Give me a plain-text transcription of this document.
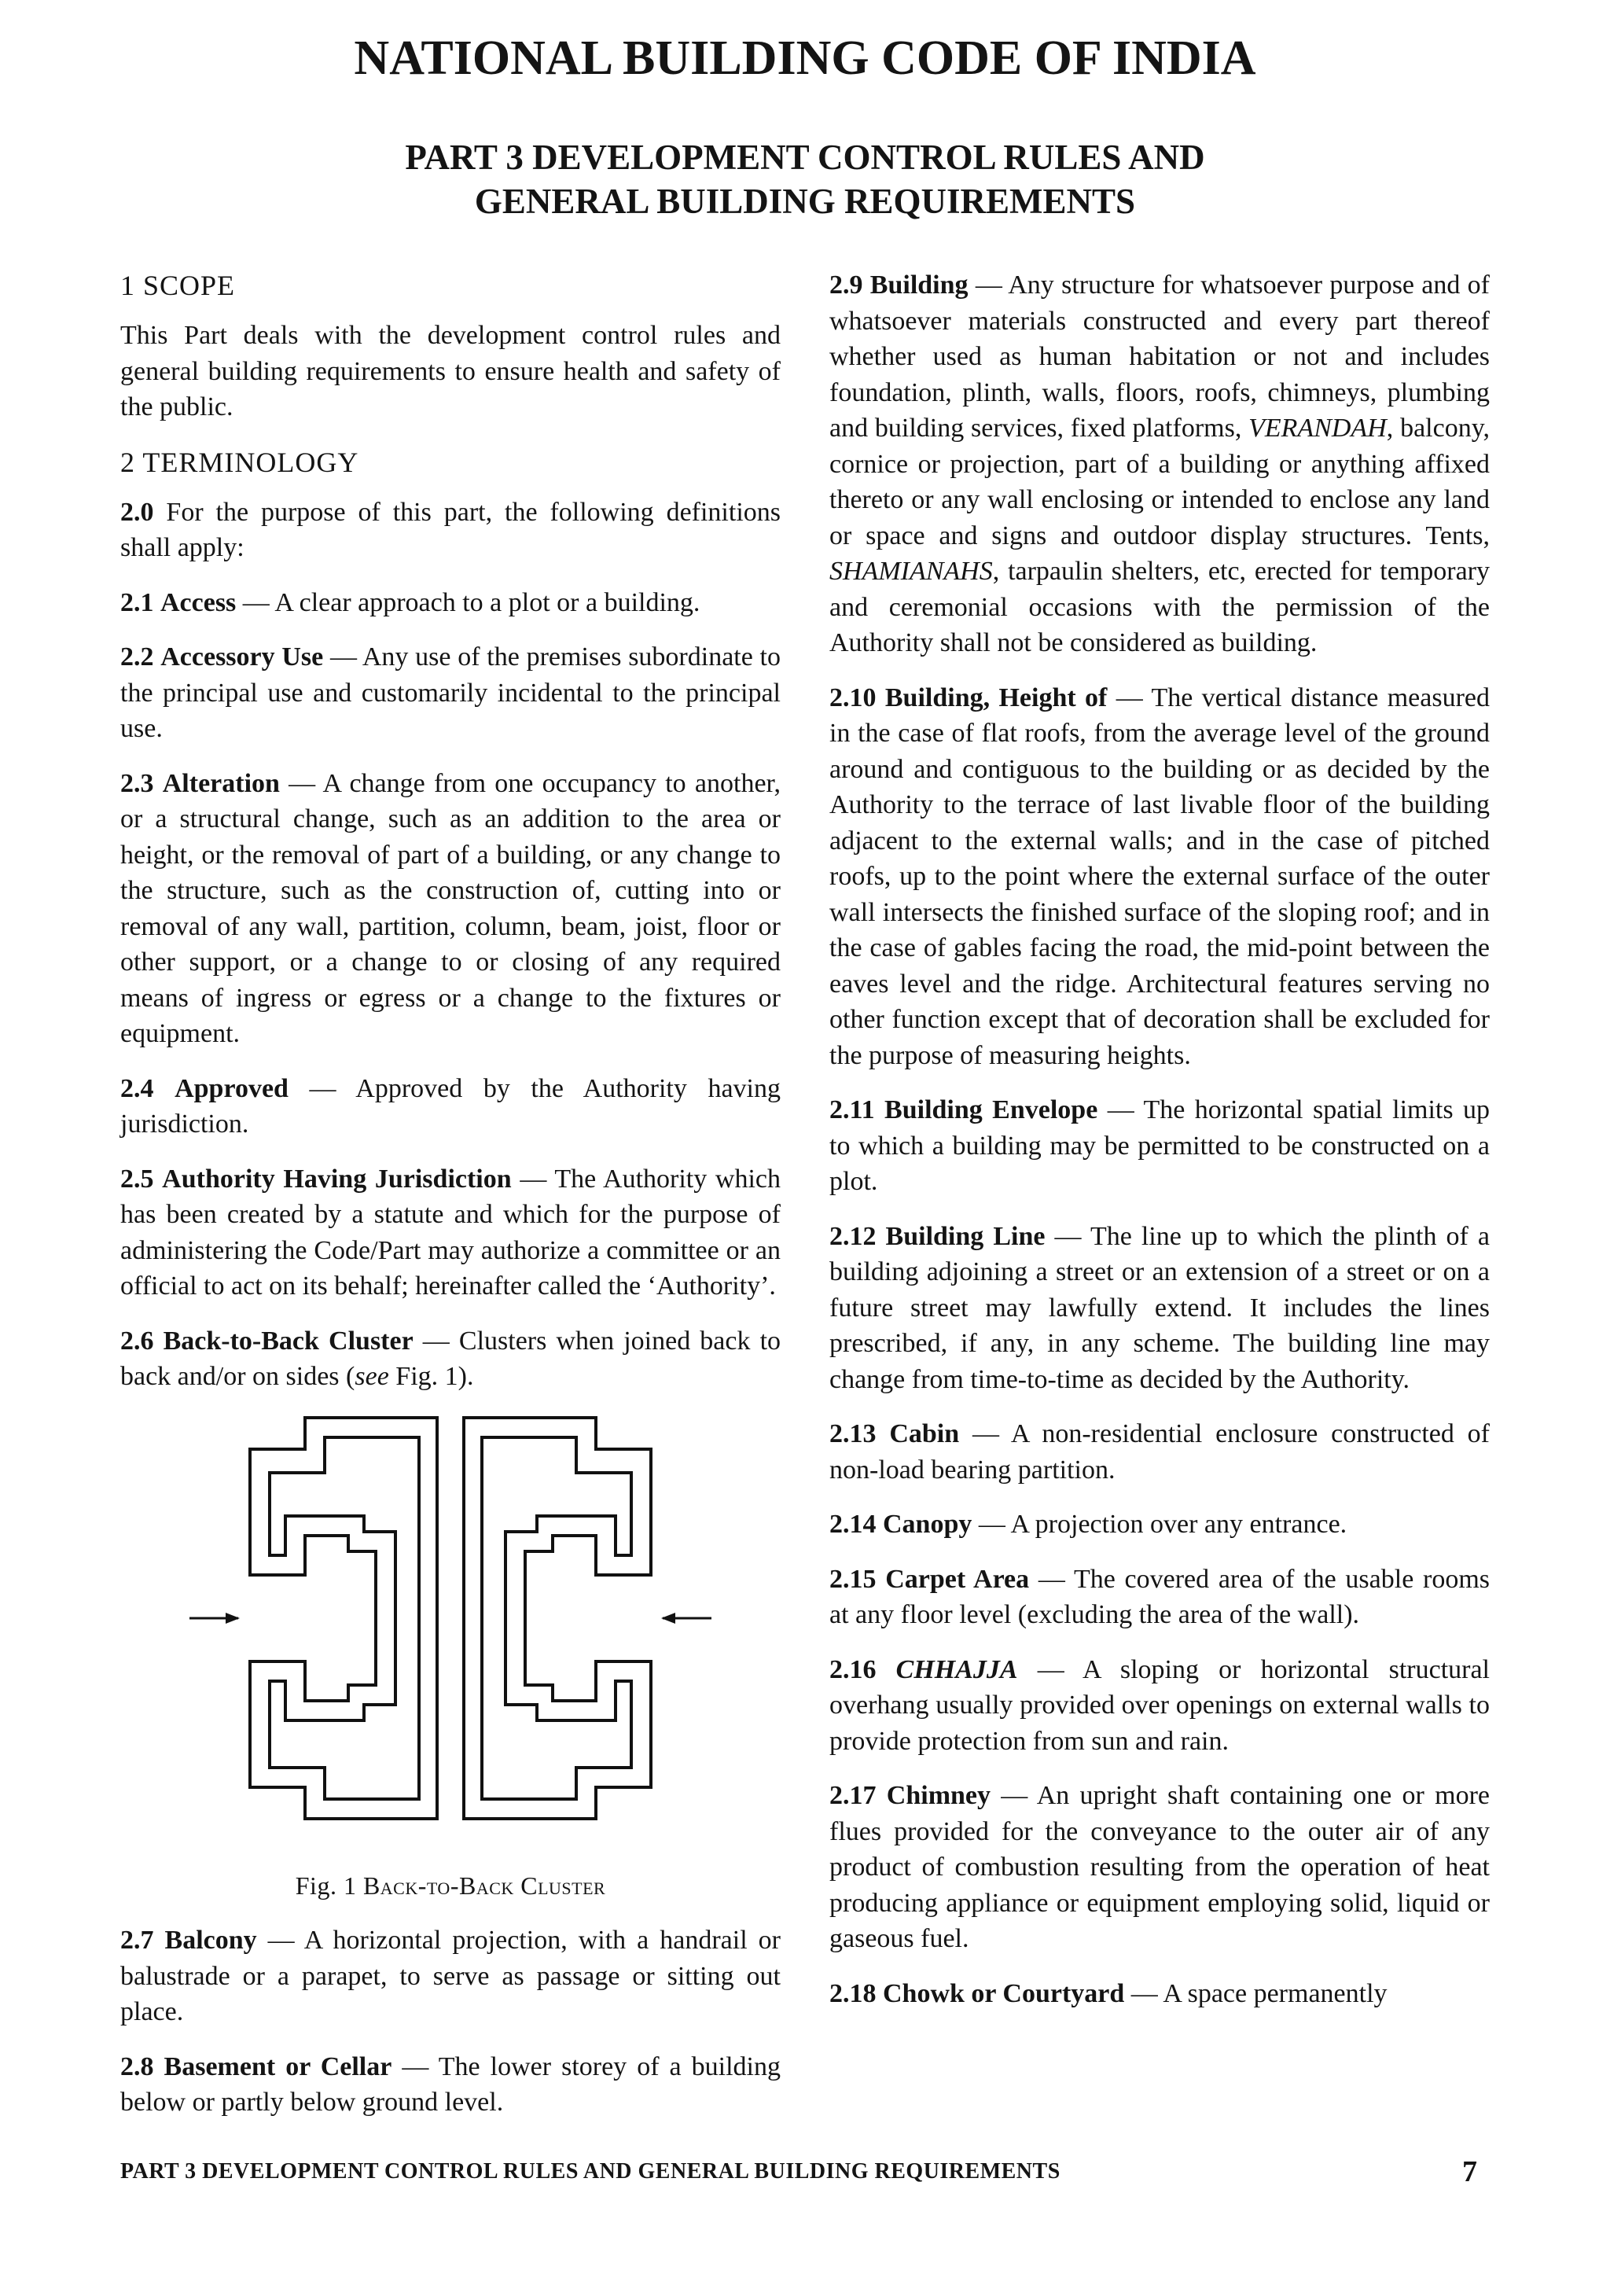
NATIONAL BUILDING CODE OF INDIA
PART 3 DEVELOPMENT CONTROL RULES AND
GENERAL BUILDING REQUIREMENTS
1 SCOPE

This Part deals with the development control rules and general building requirements to ensure health and safety of the public.

2 TERMINOLOGY

2.0 For the purpose of this part, the following definitions shall apply:

2.1 Access — A clear approach to a plot or a building.

2.2 Accessory Use — Any use of the premises subordinate to the principal use and customarily incidental to the principal use.

2.3 Alteration — A change from one occupancy to another, or a structural change, such as an addition to the area or height, or the removal of part of a building, or any change to the structure, such as the construction of, cutting into or removal of any wall, partition, column, beam, joist, floor or other support, or a change to or closing of any required means of ingress or egress or a change to the fixtures or equipment.

2.4 Approved — Approved by the Authority having jurisdiction.

2.5 Authority Having Jurisdiction — The Authority which has been created by a statute and which for the purpose of administering the Code/Part may authorize a committee or an official to act on its behalf; hereinafter called the ‘Authority’.

2.6 Back-to-Back Cluster — Clusters when joined back to back and/or on sides (see Fig. 1).

Fig. 1 Back-to-Back Cluster

2.7 Balcony — A horizontal projection, with a handrail or balustrade or a parapet, to serve as passage or sitting out place.

2.8 Basement or Cellar — The lower storey of a building below or partly below ground level.

2.9 Building — Any structure for whatsoever purpose and of whatsoever materials constructed and every part thereof whether used as human habitation or not and includes foundation, plinth, walls, floors, roofs, chimneys, plumbing and building services, fixed platforms, VERANDAH, balcony, cornice or projection, part of a building or anything affixed thereto or any wall enclosing or intended to enclose any land or space and signs and outdoor display structures. Tents, SHAMIANAHS, tarpaulin shelters, etc, erected for temporary and ceremonial occasions with the permission of the Authority shall not be considered as building.

2.10 Building, Height of — The vertical distance measured in the case of flat roofs, from the average level of the ground around and contiguous to the building or as decided by the Authority to the terrace of last livable floor of the building adjacent to the external walls; and in the case of pitched roofs, up to the point where the external surface of the outer wall intersects the finished surface of the sloping roof; and in the case of gables facing the road, the mid-point between the eaves level and the ridge. Architectural features serving no other function except that of decoration shall be excluded for the purpose of measuring heights.

2.11 Building Envelope — The horizontal spatial limits up to which a building may be permitted to be constructed on a plot.

2.12 Building Line — The line up to which the plinth of a building adjoining a street or an extension of a street or on a future street may lawfully extend. It includes the lines prescribed, if any, in any scheme. The building line may change from time-to-time as decided by the Authority.

2.13 Cabin — A non-residential enclosure constructed of non-load bearing partition.

2.14 Canopy — A projection over any entrance.

2.15 Carpet Area — The covered area of the usable rooms at any floor level (excluding the area of the wall).

2.16 CHHAJJA — A sloping or horizontal structural overhang usually provided over openings on external walls to provide protection from sun and rain.

2.17 Chimney — An upright shaft containing one or more flues provided for the conveyance to the outer air of any product of combustion resulting from the operation of heat producing appliance or equipment employing solid, liquid or gaseous fuel.

2.18 Chowk or Courtyard — A space permanently

PART 3 DEVELOPMENT CONTROL RULES AND GENERAL BUILDING REQUIREMENTS	7
